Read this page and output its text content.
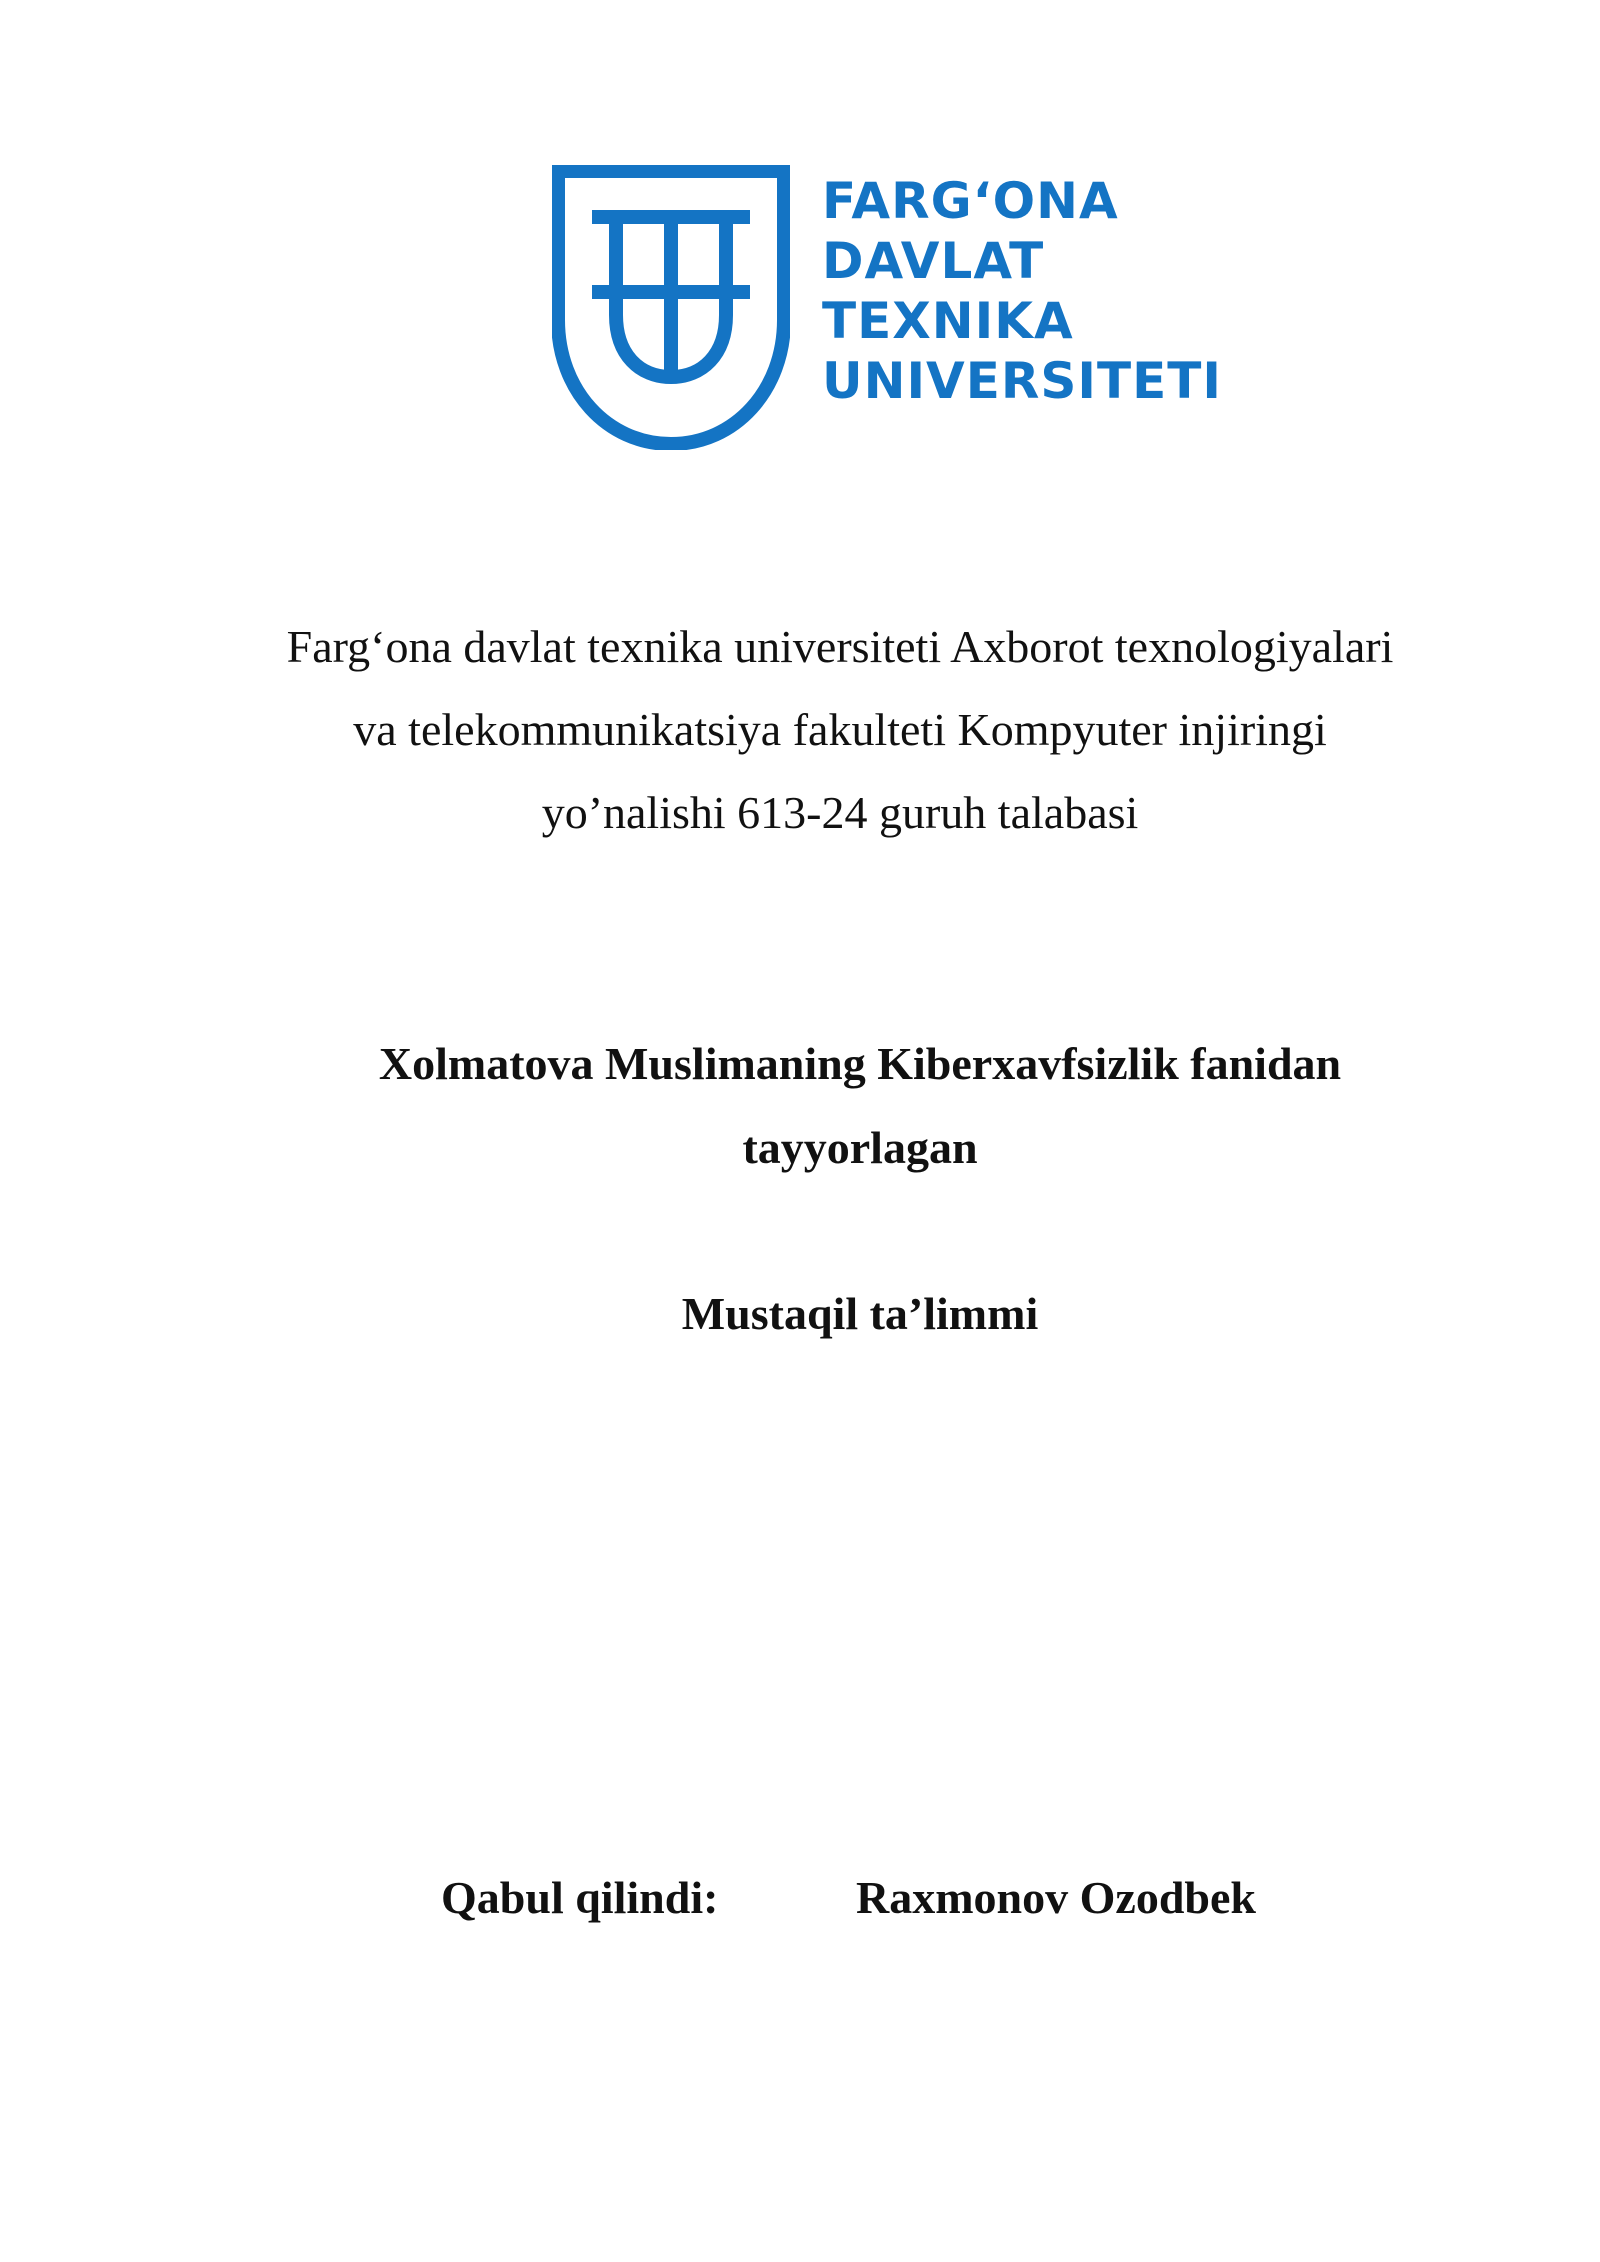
FARG‘ONA
DAVLAT
TEXNIKA
UNIVERSITETI
Farg‘ona davlat texnika universiteti Axborot texnologiyalari
va telekommunikatsiya fakulteti Kompyuter injiringi
yo’nalishi 613-24 guruh talabasi
Xolmatova Muslimaning Kiberxavfsizlik fanidan
tayyorlagan
Mustaqil ta’limmi
Qabul qilindi:	Raxmonov Ozodbek
